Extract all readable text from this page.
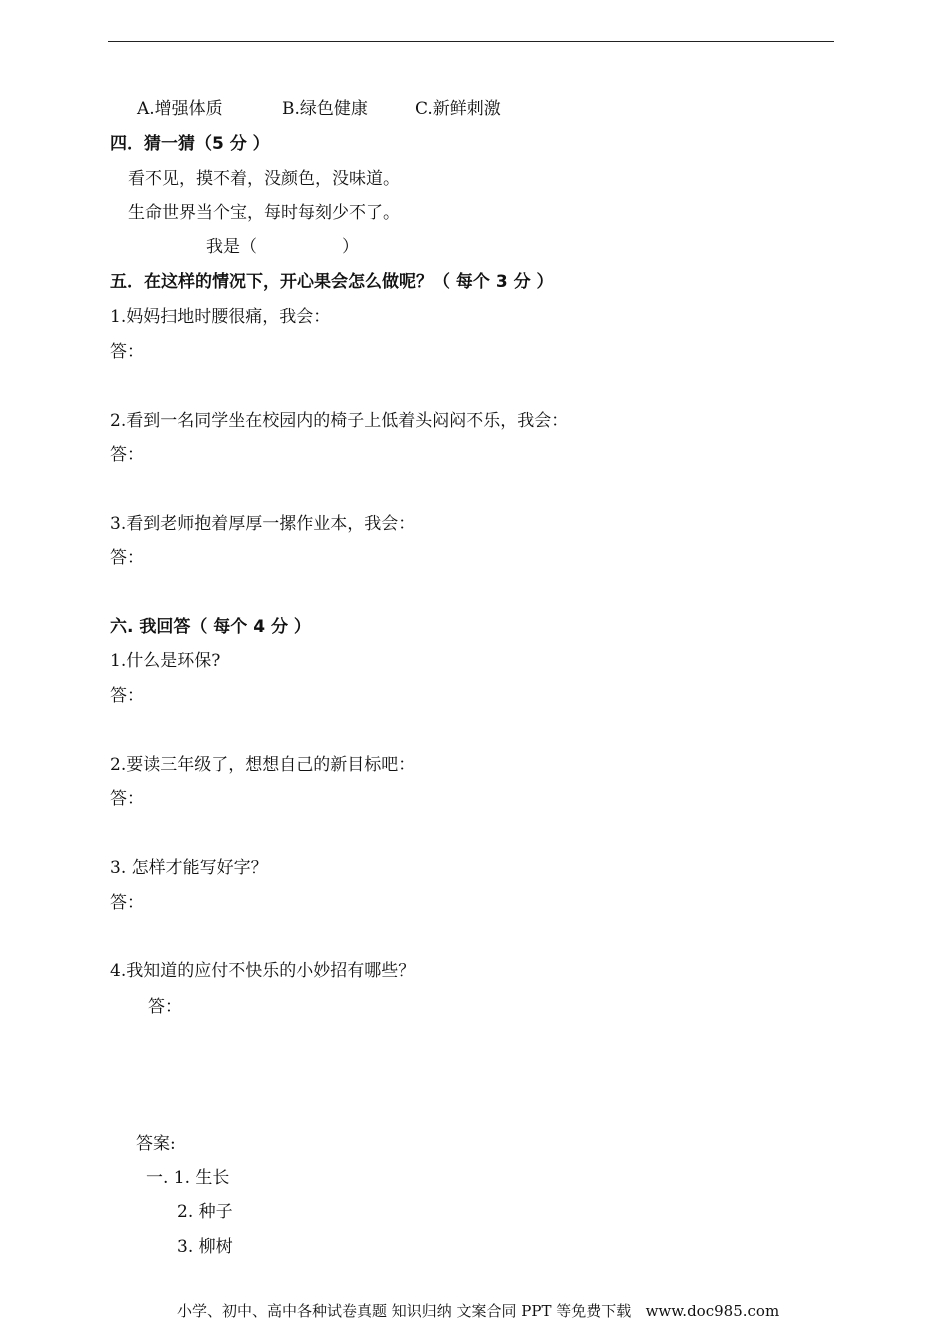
A.增强体质	B.绿色健康	C.新鲜刺激
四．猜一猜（5 分 ）
看不见，摸不着，没颜色，没味道。
生命世界当个宝，每时每刻少不了。
我是（　　　　　）
五．在这样的情况下，开心果会怎么做呢？（ 每个 3 分 ）
1.妈妈扫地时腰很痛，我会：
答：
2.看到一名同学坐在校园内的椅子上低着头闷闷不乐，我会：
答：
3.看到老师抱着厚厚一摞作业本，我会：
答：
六. 我回答（ 每个 4 分 ）
1.什么是环保?
答：
2.要读三年级了，想想自己的新目标吧：
答：
3. 怎样才能写好字？
答：
4.我知道的应付不快乐的小妙招有哪些？
答：
答案:
一. 1. 生长
2. 种子
3. 柳树
小学、初中、高中各种试卷真题 知识归纳 文案合同 PPT 等免费下载   www.doc985.com
